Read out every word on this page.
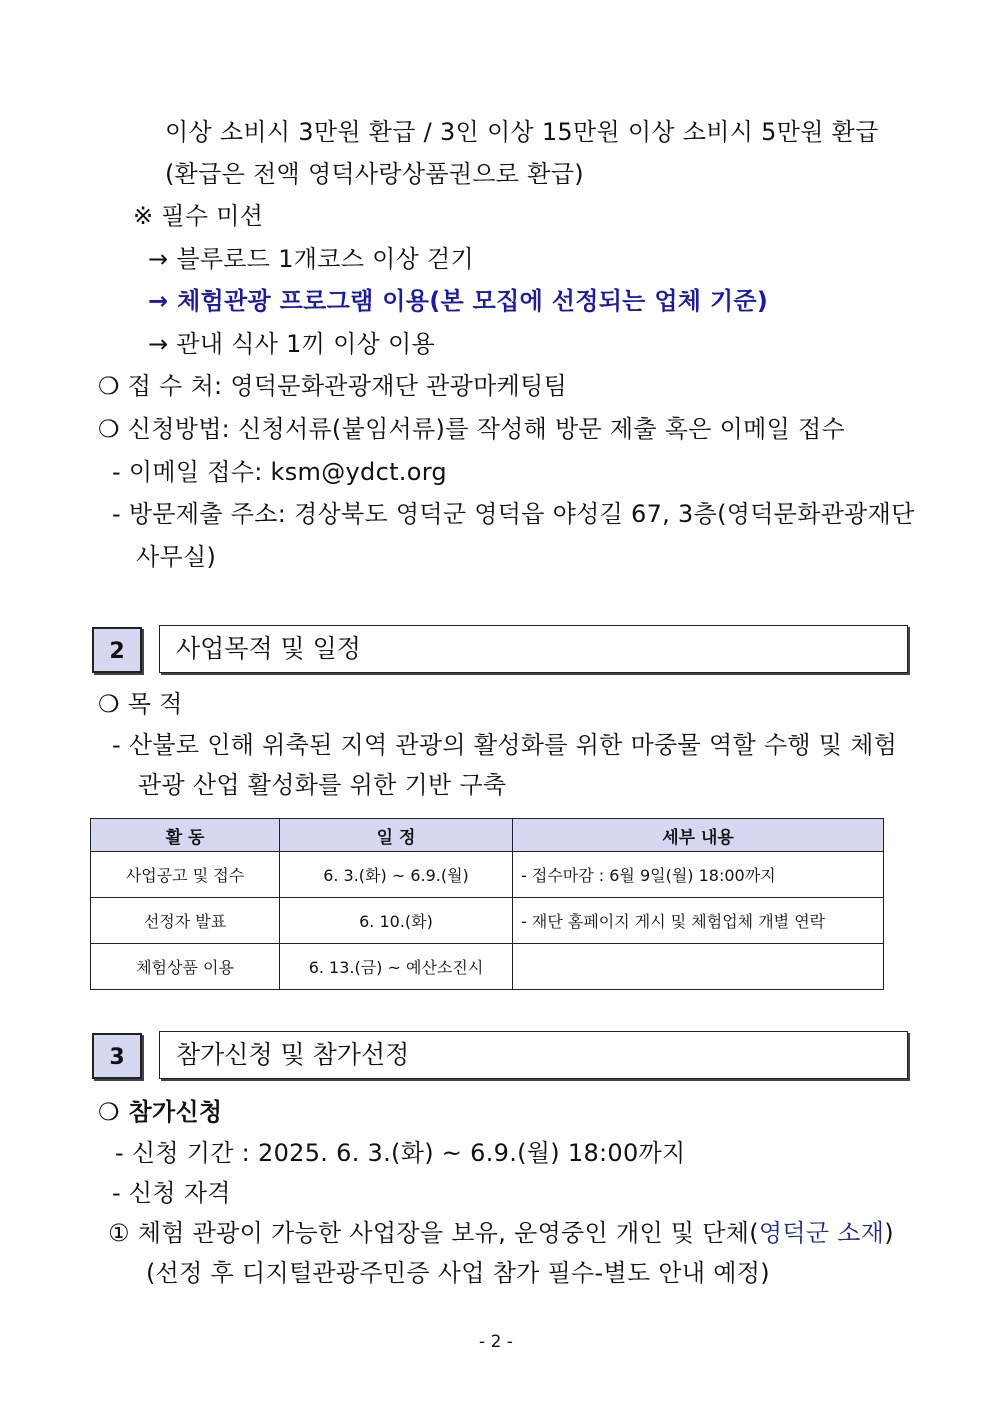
이상 소비시 3만원 환급 / 3인 이상 15만원 이상 소비시 5만원 환급
(환급은 전액 영덕사랑상품권으로 환급)
※ 필수 미션
→ 블루로드 1개코스 이상 걷기
→ 체험관광 프로그램 이용(본 모집에 선정되는 업체 기준)
→ 관내 식사 1끼 이상 이용
❍ 접 수 처: 영덕문화관광재단 관광마케팅팀
❍ 신청방법: 신청서류(붙임서류)를 작성해 방문 제출 혹은 이메일 접수
- 이메일 접수: ksm@ydct.org
- 방문제출 주소: 경상북도 영덕군 영덕읍 야성길 67, 3층(영덕문화관광재단
사무실)
2	사업목적 및 일정
❍ 목 적
- 산불로 인해 위축된 지역 관광의 활성화를 위한 마중물 역할 수행 및 체험
관광 산업 활성화를 위한 기반 구축
활 동	일 정	세부 내용
사업공고 및 접수	6. 3.(화) ~ 6.9.(월)	- 접수마감 : 6월 9일(월) 18:00까지
선정자 발표	6. 10.(화)	- 재단 홈페이지 게시 및 체험업체 개별 연락
체험상품 이용	6. 13.(금) ~ 예산소진시	
3	참가신청 및 참가선정
❍ 참가신청
- 신청 기간 : 2025. 6. 3.(화) ~ 6.9.(월) 18:00까지
- 신청 자격
① 체험 관광이 가능한 사업장을 보유, 운영중인 개인 및 단체(영덕군 소재)
(선정 후 디지털관광주민증 사업 참가 필수-별도 안내 예정)
- 2 -
